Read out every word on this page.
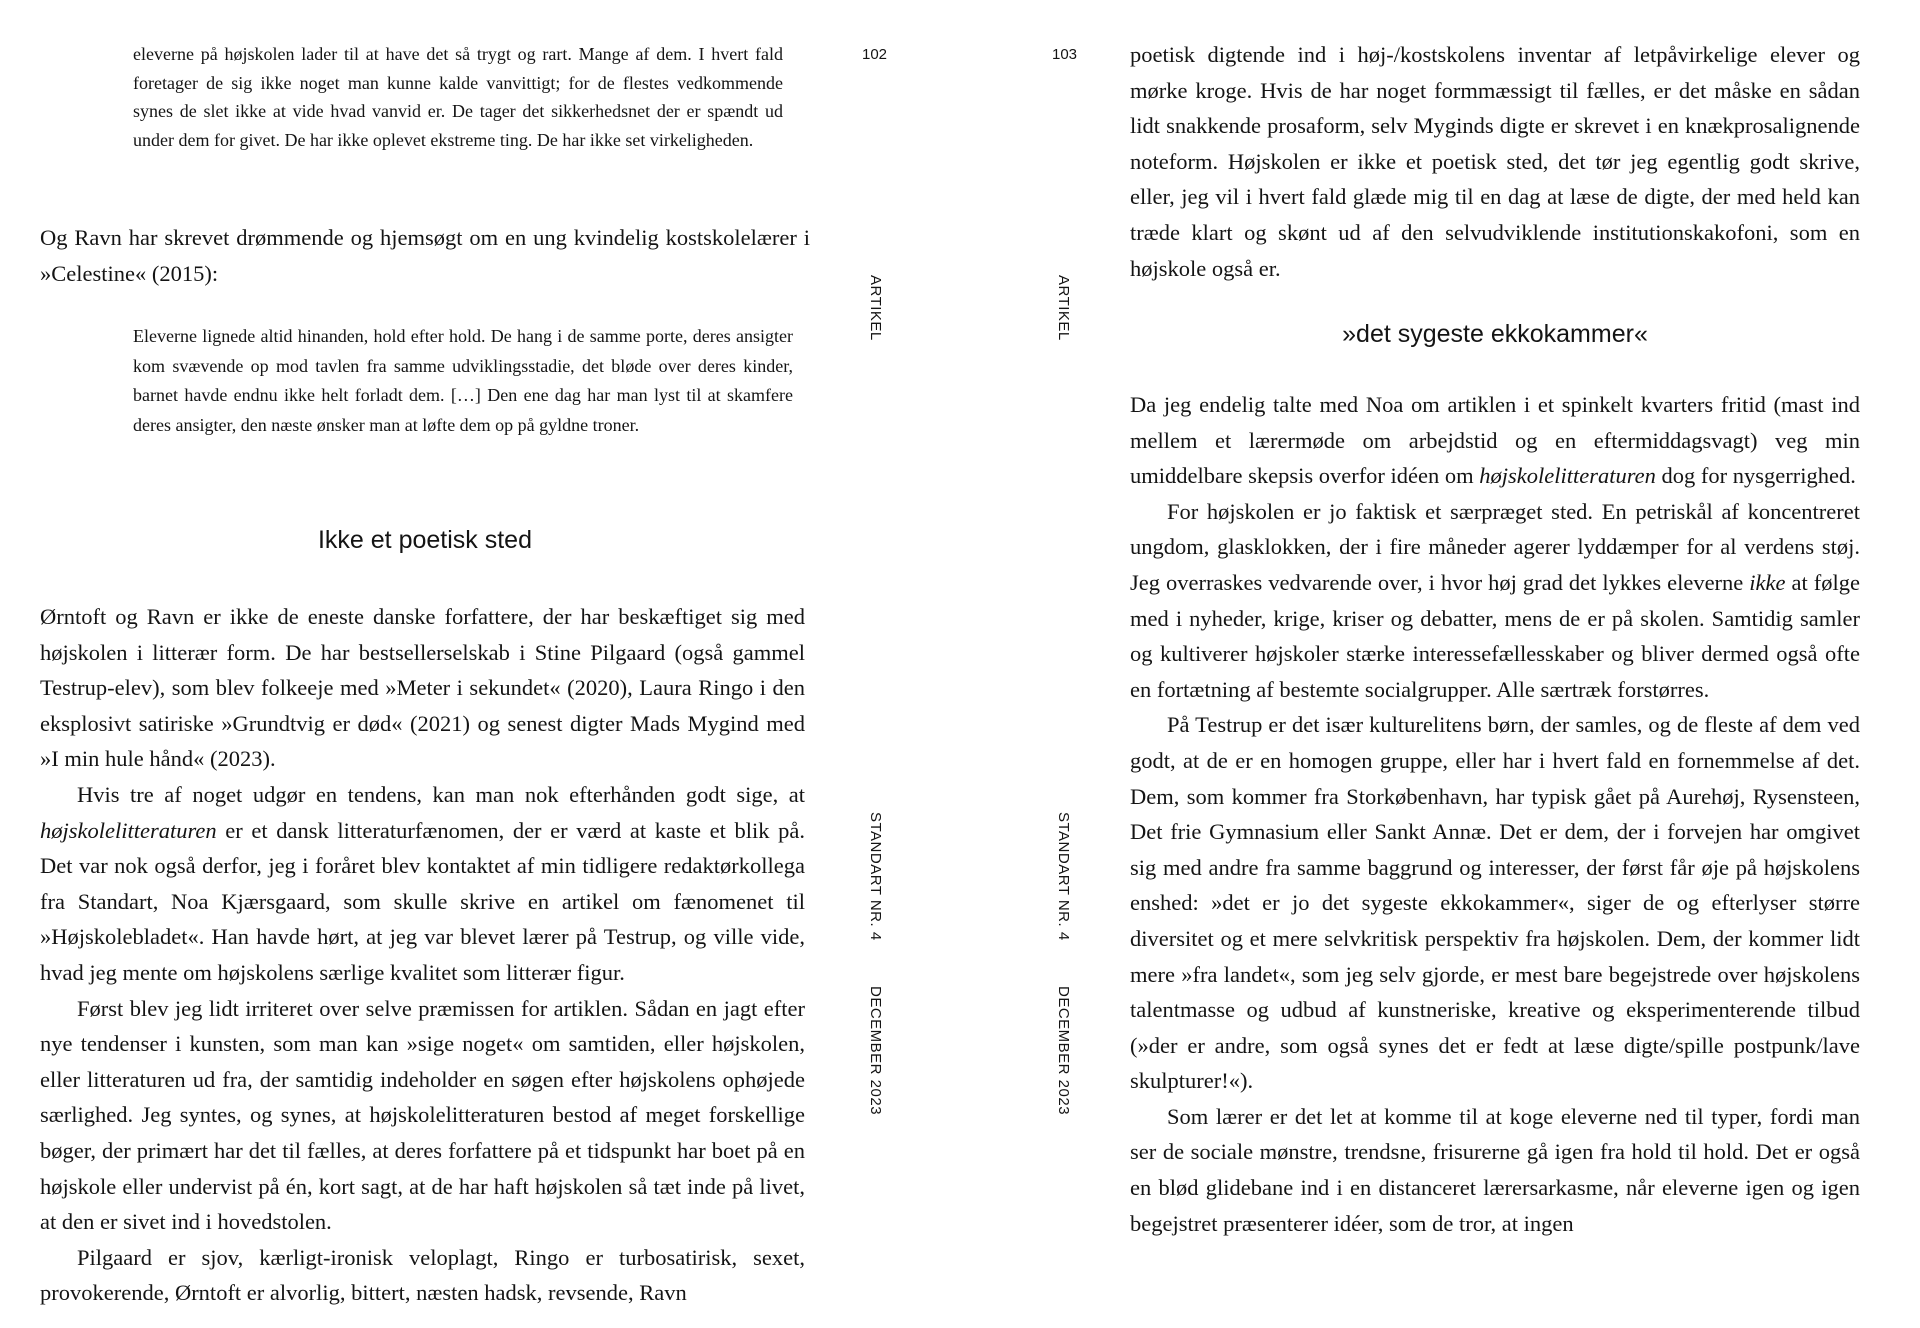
eleverne på højskolen lader til at have det så trygt og rart. Mange af dem. I hvert fald foretager de sig ikke noget man kunne kalde vanvittigt; for de flestes vedkommende synes de slet ikke at vide hvad vanvid er. De tager det sikkerhedsnet der er spændt ud under dem for givet. De har ikke oplevet ekstreme ting. De har ikke set virkeligheden.

Og Ravn har skrevet drømmende og hjemsøgt om en ung kvindelig kostskolelærer i »Celestine« (2015):

Eleverne lignede altid hinanden, hold efter hold. De hang i de samme porte, deres ansigter kom svævende op mod tavlen fra samme udviklingsstadie, det bløde over deres kinder, barnet havde endnu ikke helt forladt dem. […] Den ene dag har man lyst til at skamfere deres ansigter, den næste ønsker man at løfte dem op på gyldne troner.
Ikke et poetisk sted

Ørntoft og Ravn er ikke de eneste danske forfattere, der har beskæftiget sig med højskolen i litterær form. De har bestsellerselskab i Stine Pilgaard (også gammel Testrup-elev), som blev folkeeje med »Meter i sekundet« (2020), Laura Ringo i den eksplosivt satiriske »Grundtvig er død« (2021) og senest digter Mads Mygind med »I min hule hånd« (2023).

Hvis tre af noget udgør en tendens, kan man nok efterhånden godt sige, at højskolelitteraturen er et dansk litteraturfænomen, der er værd at kaste et blik på. Det var nok også derfor, jeg i foråret blev kontaktet af min tidligere redaktørkollega fra Standart, Noa Kjærsgaard, som skulle skrive en artikel om fænomenet til »Højskolebladet«. Han havde hørt, at jeg var blevet lærer på Testrup, og ville vide, hvad jeg mente om højskolens særlige kvalitet som litterær figur.

Først blev jeg lidt irriteret over selve præmissen for artiklen. Sådan en jagt efter nye tendenser i kunsten, som man kan »sige noget« om samtiden, eller højskolen, eller litteraturen ud fra, der samtidig indeholder en søgen efter højskolens ophøjede særlighed. Jeg syntes, og synes, at højskolelitteraturen bestod af meget forskellige bøger, der primært har det til fælles, at deres forfattere på et tidspunkt har boet på en højskole eller undervist på én, kort sagt, at de har haft højskolen så tæt inde på livet, at den er sivet ind i hovedstolen.

Pilgaard er sjov, kærligt-ironisk veloplagt, Ringo er turbosatirisk, sexet, provokerende, Ørntoft er alvorlig, bittert, næsten hadsk, revsende, Ravn

102
ARTIKEL
STANDART NR. 4
DECEMBER 2023
103
ARTIKEL
STANDART NR. 4
DECEMBER 2023

poetisk digtende ind i høj-/kostskolens inventar af letpåvirkelige elever og mørke kroge. Hvis de har noget formmæssigt til fælles, er det måske en sådan lidt snakkende prosaform, selv Myginds digte er skrevet i en knækprosalignende noteform. Højskolen er ikke et poetisk sted, det tør jeg egentlig godt skrive, eller, jeg vil i hvert fald glæde mig til en dag at læse de digte, der med held kan træde klart og skønt ud af den selvudviklende institutionskakofoni, som en højskole også er.

»det sygeste ekkokammer«

Da jeg endelig talte med Noa om artiklen i et spinkelt kvarters fritid (mast ind mellem et lærermøde om arbejdstid og en eftermiddagsvagt) veg min umiddelbare skepsis overfor idéen om højskolelitteraturen dog for nysgerrighed.

For højskolen er jo faktisk et særpræget sted. En petriskål af koncentreret ungdom, glasklokken, der i fire måneder agerer lyddæmper for al verdens støj. Jeg overraskes vedvarende over, i hvor høj grad det lykkes eleverne ikke at følge med i nyheder, krige, kriser og debatter, mens de er på skolen. Samtidig samler og kultiverer højskoler stærke interessefællesskaber og bliver dermed også ofte en fortætning af bestemte socialgrupper. Alle særtræk forstørres.

På Testrup er det især kulturelitens børn, der samles, og de fleste af dem ved godt, at de er en homogen gruppe, eller har i hvert fald en fornemmelse af det. Dem, som kommer fra Storkøbenhavn, har typisk gået på Aurehøj, Rysensteen, Det frie Gymnasium eller Sankt Annæ. Det er dem, der i forvejen har omgivet sig med andre fra samme baggrund og interesser, der først får øje på højskolens enshed: »det er jo det sygeste ekkokammer«, siger de og efterlyser større diversitet og et mere selvkritisk perspektiv fra højskolen. Dem, der kommer lidt mere »fra landet«, som jeg selv gjorde, er mest bare begejstrede over højskolens talentmasse og udbud af kunstneriske, kreative og eksperimenterende tilbud (»der er andre, som også synes det er fedt at læse digte/spille postpunk/lave skulpturer!«).

Som lærer er det let at komme til at koge eleverne ned til typer, fordi man ser de sociale mønstre, trendsne, frisurerne gå igen fra hold til hold. Det er også en blød glidebane ind i en distanceret lærersarkasme, når eleverne igen og igen begejstret præsenterer idéer, som de tror, at ingen
